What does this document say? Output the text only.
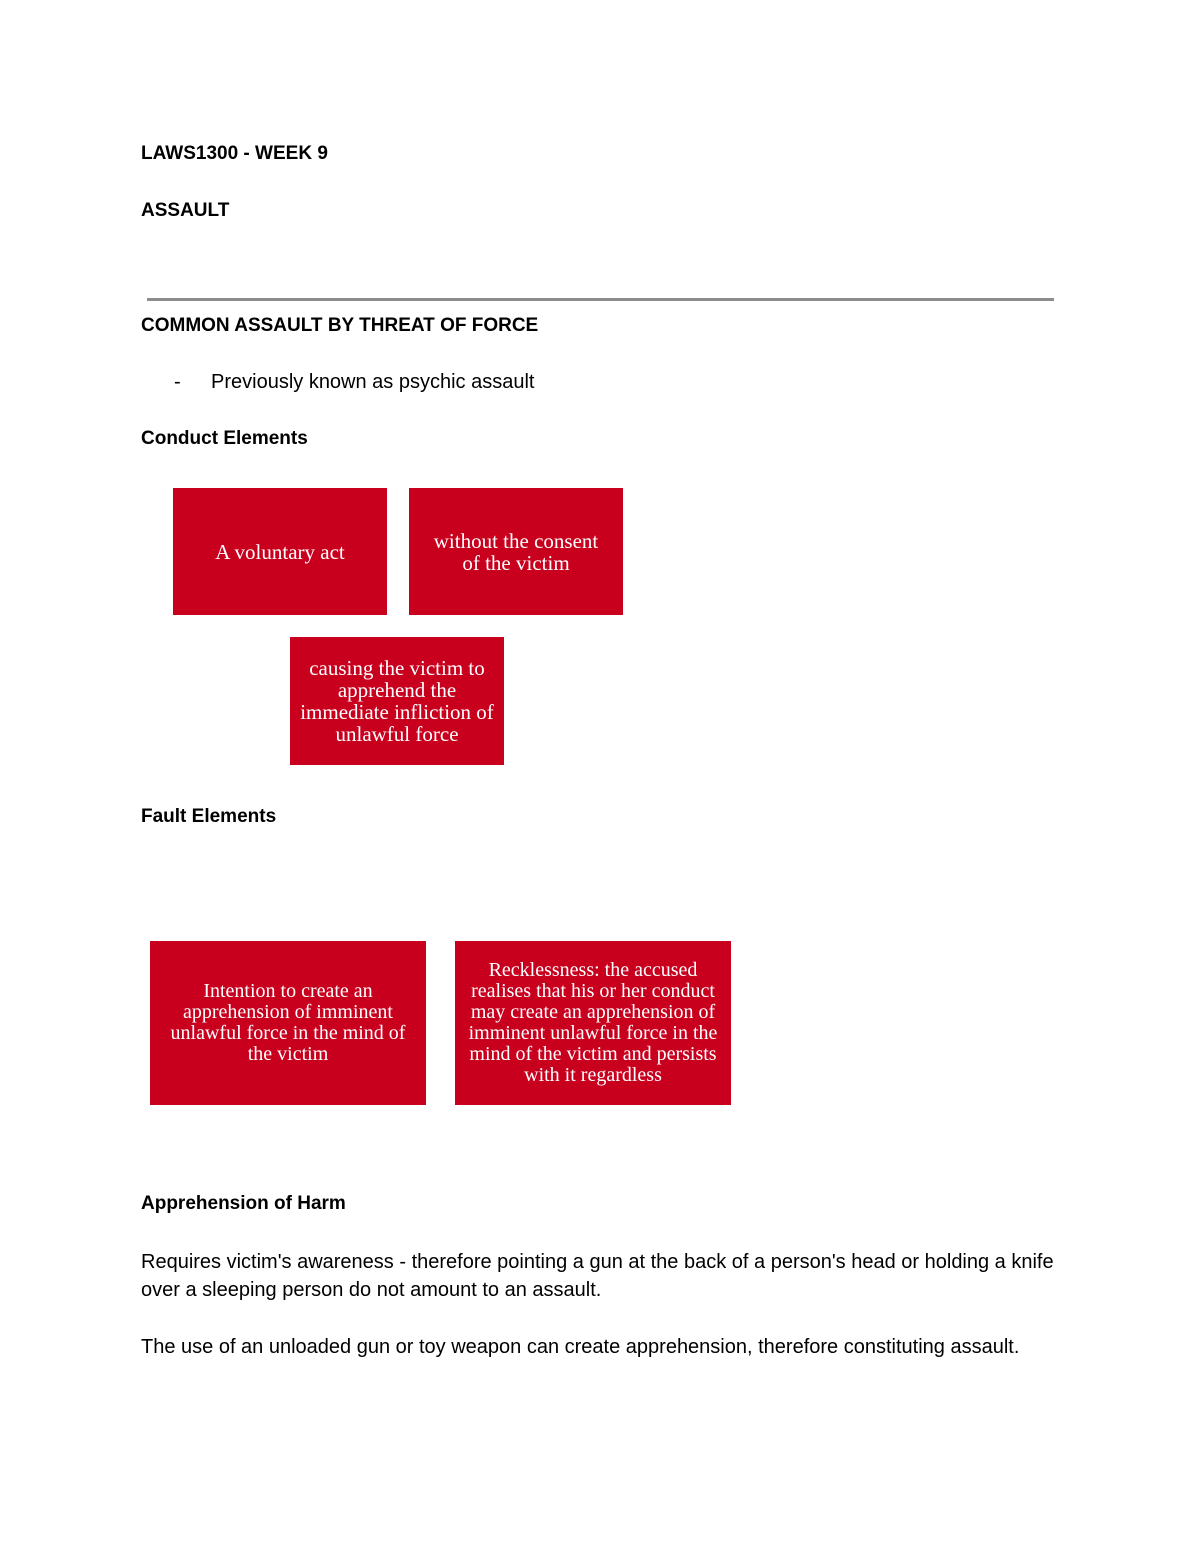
LAWS1300 - WEEK 9
ASSAULT
COMMON ASSAULT BY THREAT OF FORCE
- Previously known as psychic assault
Conduct Elements
A voluntary act	without the consent of the victim
causing the victim to apprehend the immediate infliction of unlawful force
Fault Elements
Intention to create an apprehension of imminent unlawful force in the mind of the victim
Recklessness: the accused realises that his or her conduct may create an apprehension of imminent unlawful force in the mind of the victim and persists with it regardless
Apprehension of Harm
Requires victim's awareness - therefore pointing a gun at the back of a person's head or holding a knife over a sleeping person do not amount to an assault.
The use of an unloaded gun or toy weapon can create apprehension, therefore constituting assault.
